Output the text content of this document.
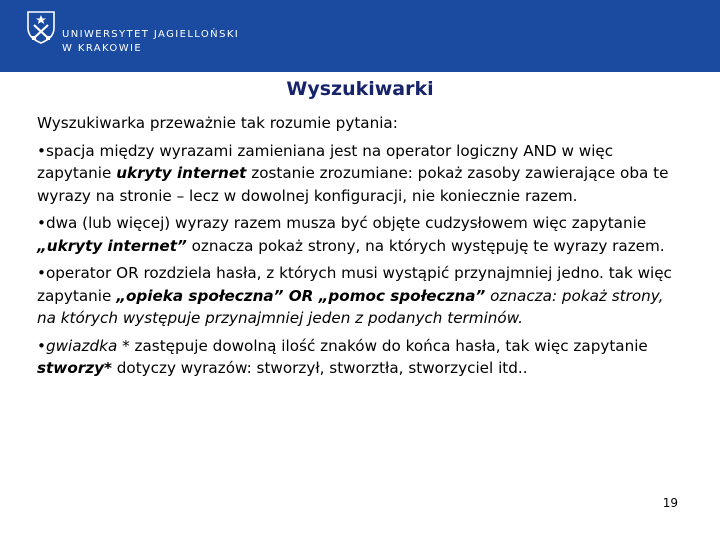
UNIWERSYTET JAGIELLOŃSKI
W KRAKOWIE
Wyszukiwarki

Wyszukiwarka przeważnie tak rozumie pytania:

•spacja między wyrazami zamieniana jest na operator logiczny AND w więc zapytanie ukryty internet zostanie zrozumiane: pokaż zasoby zawierające oba te wyrazy na stronie – lecz w dowolnej konfiguracji, nie koniecznie razem.

•dwa (lub więcej) wyrazy razem musza być objęte cudzysłowem więc zapytanie „ukryty internet” oznacza pokaż strony, na których występuję te wyrazy razem.

•operator OR rozdziela hasła, z których musi wystąpić przynajmniej jedno. tak więc zapytanie „opieka społeczna” OR „pomoc społeczna” oznacza: pokaż strony, na których występuje przynajmniej jeden z podanych terminów.

•gwiazdka * zastępuje dowolną ilość znaków do końca hasła, tak więc zapytanie stworzy* dotyczy wyrazów: stworzył, stworztła, stworzyciel itd..

19
